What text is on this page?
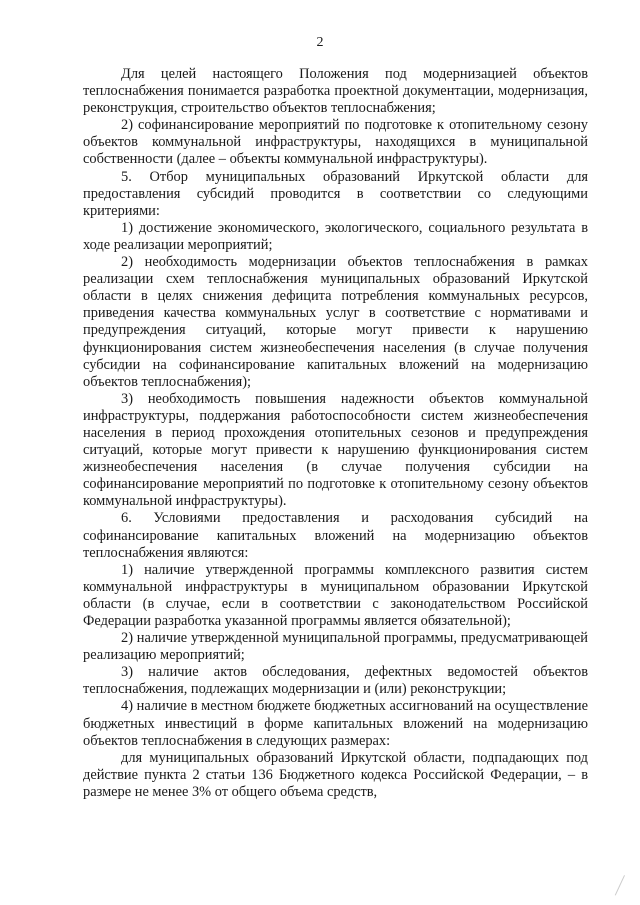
2

Для целей настоящего Положения под модернизацией объектов теплоснабжения понимается разработка проектной документации, модернизация, реконструкция, строительство объектов теплоснабжения;

2) софинансирование мероприятий по подготовке к отопительному сезону объектов коммунальной инфраструктуры, находящихся в муниципальной собственности (далее – объекты коммунальной инфраструктуры).

5. Отбор муниципальных образований Иркутской области для предоставления субсидий проводится в соответствии со следующими критериями:

1) достижение экономического, экологического, социального результата в ходе реализации мероприятий;

2) необходимость модернизации объектов теплоснабжения в рамках реализации схем теплоснабжения муниципальных образований Иркутской области в целях снижения дефицита потребления коммунальных ресурсов, приведения качества коммунальных услуг в соответствие с нормативами и предупреждения ситуаций, которые могут привести к нарушению функционирования систем жизнеобеспечения населения (в случае получения субсидии на софинансирование капитальных вложений на модернизацию объектов теплоснабжения);

3) необходимость повышения надежности объектов коммунальной инфраструктуры, поддержания работоспособности систем жизнеобеспечения населения в период прохождения отопительных сезонов и предупреждения ситуаций, которые могут привести к нарушению функционирования систем жизнеобеспечения населения (в случае получения субсидии на софинансирование мероприятий по подготовке к отопительному сезону объектов коммунальной инфраструктуры).

6. Условиями предоставления и расходования субсидий на софинансирование капитальных вложений на модернизацию объектов теплоснабжения являются:

1) наличие утвержденной программы комплексного развития систем коммунальной инфраструктуры в муниципальном образовании Иркутской области (в случае, если в соответствии с законодательством Российской Федерации разработка указанной программы является обязательной);

2) наличие утвержденной муниципальной программы, предусматривающей реализацию мероприятий;

3) наличие актов обследования, дефектных ведомостей объектов теплоснабжения, подлежащих модернизации и (или) реконструкции;

4) наличие в местном бюджете бюджетных ассигнований на осуществление бюджетных инвестиций в форме капитальных вложений на модернизацию объектов теплоснабжения в следующих размерах:

для муниципальных образований Иркутской области, подпадающих под действие пункта 2 статьи 136 Бюджетного кодекса Российской Федерации, – в размере не менее 3% от общего объема средств,
